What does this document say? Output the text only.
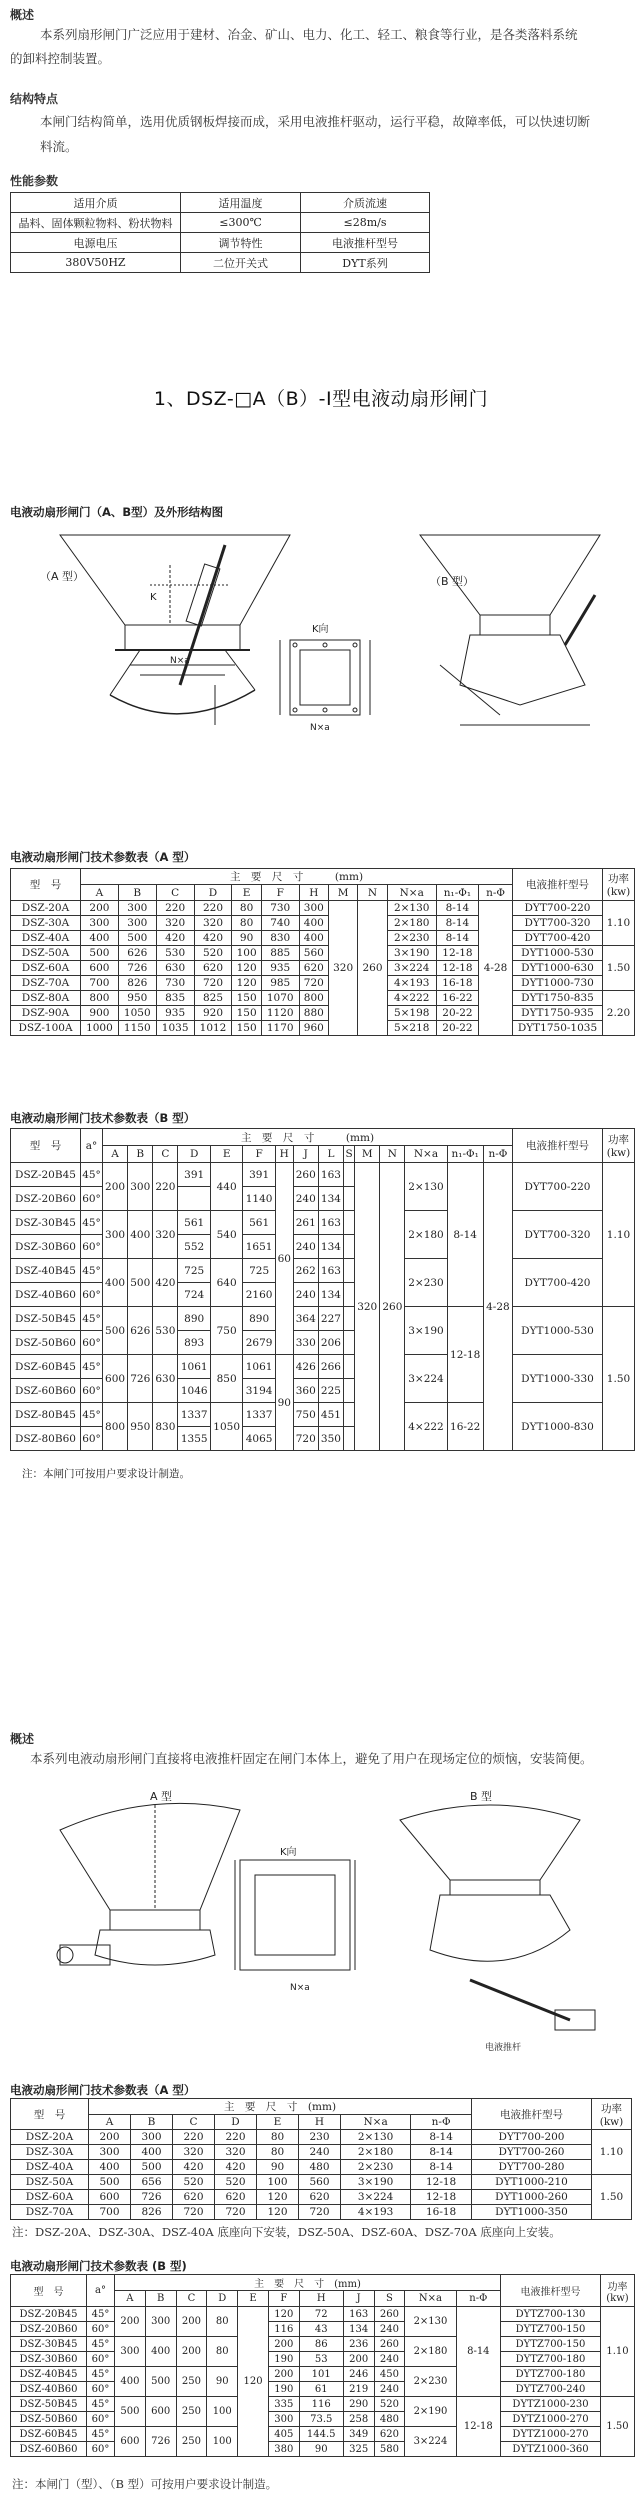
概述
本系列扇形闸门广泛应用于建材、冶金、矿山、电力、化工、轻工、粮食等行业，是各类落料系统
的卸料控制装置。
结构特点
本闸门结构简单，选用优质钢板焊接而成，采用电液推杆驱动，运行平稳，故障率低，可以快速切断
料流。
性能参数
适用介质	适用温度	介质流速
晶料、固体颗粒物料、粉状物料	≤300℃	≤28m/s
电源电压	调节特性	电液推杆型号
380V50HZ	二位开关式	DYT系列
1、DSZ-□A（B）-Ⅰ型电液动扇形闸门
电液动扇形闸门（A、B型）及外形结构图
（A 型）
K
N×a
K向
N×a
（B 型）
电液动扇形闸门技术参数表（A 型）
型　号	主　要　尺　寸　　　(mm)												电液推杆型号	功率 (kw)
	A	B	C	D	E	F	H	M	N	N×a	n₁-Φ₁	n-Φ		
DSZ-20A	200	300	220	220	80	730	300	320	260	2×130	8-14	4-28	DYT700-220	1.10
DSZ-30A	300	300	320	320	80	740	400			2×180	8-14		DYT700-320	
DSZ-40A	400	500	420	420	90	830	400			2×230	8-14		DYT700-420	
DSZ-50A	500	626	530	520	100	885	560			3×190	12-18		DYT1000-530	1.50
DSZ-60A	600	726	630	620	120	935	620			3×224	12-18		DYT1000-630	
DSZ-70A	700	826	730	720	120	985	720			4×193	16-18		DYT1000-730	
DSZ-80A	800	950	835	825	150	1070	800			4×222	16-22		DYT1750-835	2.20
DSZ-90A	900	1050	935	920	150	1120	880			5×198	20-22		DYT1750-935	
DSZ-100A	1000	1150	1035	1012	150	1170	960			5×218	20-22		DYT1750-1035	
电液动扇形闸门技术参数表（B 型）
型　号	a°	主　要　尺　寸　　　(mm)															电液推杆型号	功率 (kw)
		A	B	C	D	E	F	H	J	L	S	M	N	N×a	n₁-Φ₁	n-Φ		
DSZ-20B45	45°	200	300	220	391	440	391	60	260	163		320	260	2×130	8-14	4-28	DYT700-220	1.10
DSZ-20B60	60°						1140		240	134								
DSZ-30B45	45°	300	400	320	561	540	561		261	163				2×180			DYT700-320	
DSZ-30B60	60°				552		1651		240	134								
DSZ-40B45	45°	400	500	420	725	640	725		262	163				2×230			DYT700-420	
DSZ-40B60	60°				724		2160		240	134								
DSZ-50B45	45°	500	626	530	890	750	890		364	227				3×190	12-18		DYT1000-530	1.50
DSZ-50B60	60°				893		2679		330	206								
DSZ-60B45	45°	600	726	630	1061	850	1061	90	426	266				3×224			DYT1000-330	
DSZ-60B60	60°				1046		3194		360	225								
DSZ-80B45	45°	800	950	830	1337	1050	1337		750	451				4×222	16-22		DYT1000-830	
DSZ-80B60	60°				1355		4065		720	350								
注：本闸门可按用户要求设计制造。
概述
本系列电液动扇形闸门直接将电液推杆固定在闸门本体上，避免了用户在现场定位的烦恼，安装简便。
A 型
K向
N×a
B 型
电液推杆
电液动扇形闸门技术参数表（A 型）
型　号	主　要　尺　寸　(mm)								电液推杆型号	功率 (kw)
	A	B	C	D	E	H	N×a	n-Φ		
DSZ-20A	200	300	220	220	80	230	2×130	8-14	DYT700-200	1.10
DSZ-30A	300	400	320	320	80	240	2×180	8-14	DYT700-260	
DSZ-40A	400	500	420	420	90	480	2×230	8-14	DYT700-280	
DSZ-50A	500	656	520	520	100	560	3×190	12-18	DYT1000-210	1.50
DSZ-60A	600	726	620	620	120	620	3×224	12-18	DYT1000-260	
DSZ-70A	700	826	720	720	120	720	4×193	16-18	DYT1000-350	
注：DSZ-20A、DSZ-30A、DSZ-40A 底座向下安装，DSZ-50A、DSZ-60A、DSZ-70A 底座向上安装。
电液动扇形闸门技术参数表 (B 型)
型　号	a°	主　要　尺　寸　(mm)											电液推杆型号	功率 (kw)
		A	B	C	D	E	F	H	J	S	N×a	n-Φ		
DSZ-20B45	45°	200	300	200	80	120	120	72	163	260	2×130	8-14	DYTZ700-130	1.10
DSZ-20B60	60°						116	43	134	240			DYTZ700-150	
DSZ-30B45	45°	300	400	200	80		200	86	236	260	2×180		DYTZ700-150	
DSZ-30B60	60°						190	53	200	240			DYTZ700-180	
DSZ-40B45	45°	400	500	250	90		200	101	246	450	2×230		DYTZ700-180	
DSZ-40B60	60°						190	61	219	240			DYTZ700-240	
DSZ-50B45	45°	500	600	250	100		335	116	290	520	2×190	12-18	DYTZ1000-230	1.50
DSZ-50B60	60°						300	73.5	258	480			DYTZ1000-270	
DSZ-60B45	45°	600	726	250	100		405	144.5	349	620	3×224		DYTZ1000-270	
DSZ-60B60	60°						380	90	325	580			DYTZ1000-360	
注：本闸门（型）、（B 型）可按用户要求设计制造。
